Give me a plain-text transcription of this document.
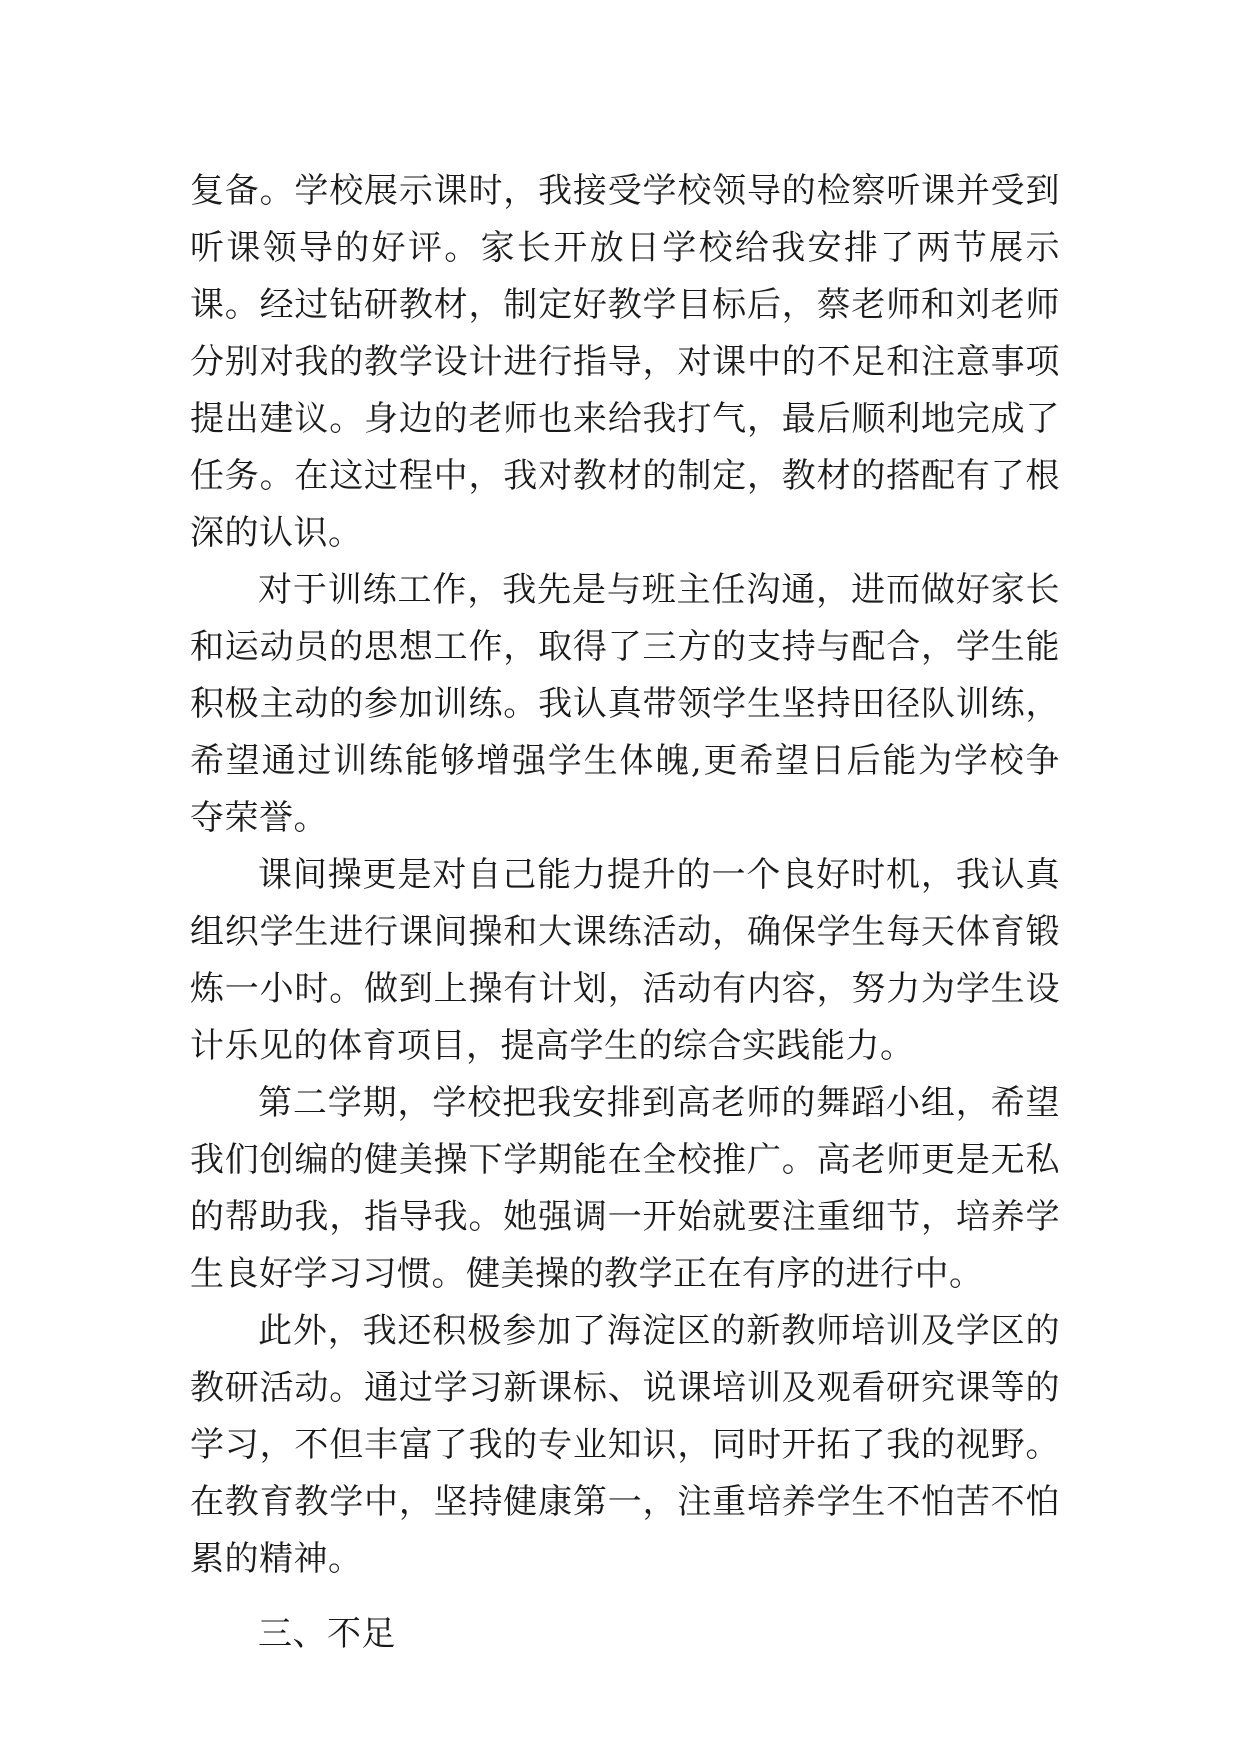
复备。学校展示课时，我接受学校领导的检察听课并受到听课领导的好评。家长开放日学校给我安排了两节展示课。经过钻研教材，制定好教学目标后，蔡老师和刘老师分别对我的教学设计进行指导，对课中的不足和注意事项提出建议。身边的老师也来给我打气，最后顺利地完成了任务。在这过程中，我对教材的制定，教材的搭配有了根深的认识。

对于训练工作，我先是与班主任沟通，进而做好家长和运动员的思想工作，取得了三方的支持与配合，学生能积极主动的参加训练。我认真带领学生坚持田径队训练，希望通过训练能够增强学生体魄,更希望日后能为学校争夺荣誉。

课间操更是对自己能力提升的一个良好时机，我认真组织学生进行课间操和大课练活动，确保学生每天体育锻炼一小时。做到上操有计划，活动有内容，努力为学生设计乐见的体育项目，提高学生的综合实践能力。

第二学期，学校把我安排到高老师的舞蹈小组，希望我们创编的健美操下学期能在全校推广。高老师更是无私的帮助我，指导我。她强调一开始就要注重细节，培养学生良好学习习惯。健美操的教学正在有序的进行中。

此外，我还积极参加了海淀区的新教师培训及学区的教研活动。通过学习新课标、说课培训及观看研究课等的学习，不但丰富了我的专业知识，同时开拓了我的视野。在教育教学中，坚持健康第一，注重培养学生不怕苦不怕累的精神。

三、不足
